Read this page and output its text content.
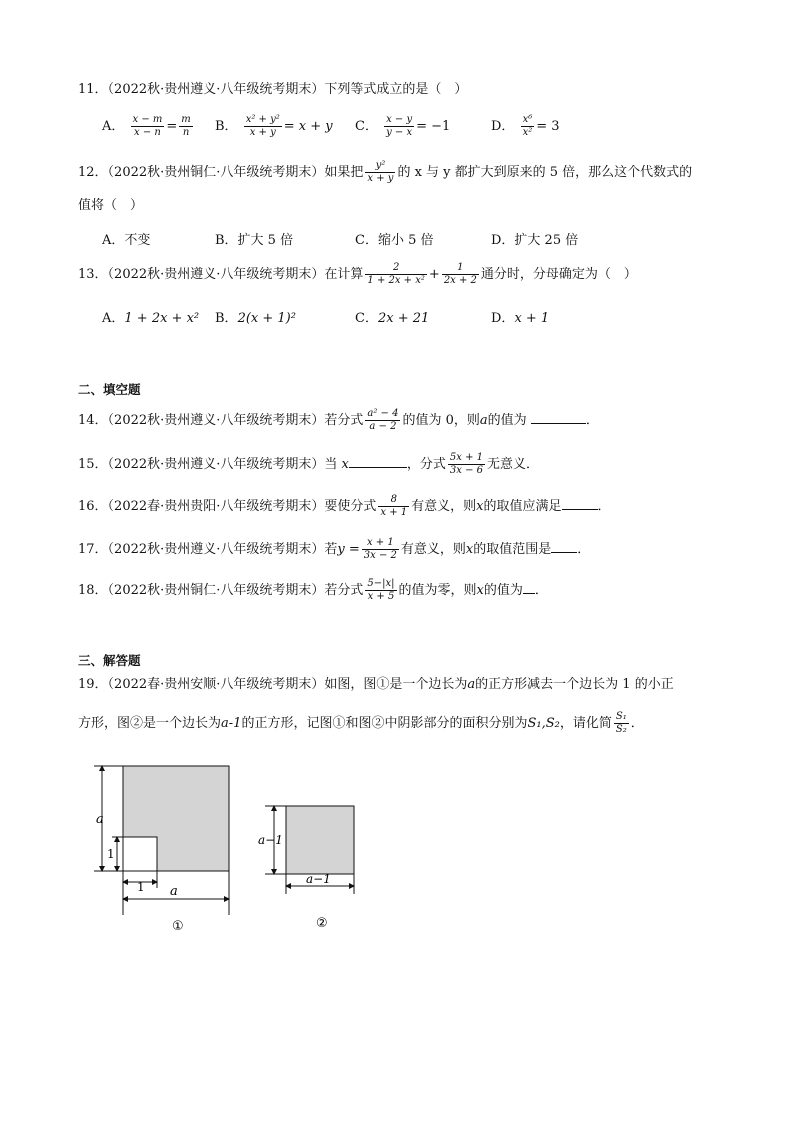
11．（2022秋·贵州遵义·八年级统考期末）下列等式成立的是（　）
A． $\frac{x - m}{x - n} = \frac{m}{n}$ B． $\frac{\text{x² + y²}}{x + y} = x + y$ C． $\frac{x - y}{y - x} = -1$	D． $\frac{\text{x⁶}}{\text{x²}} = 3$
12．（2022秋·贵州铜仁·八年级统考期末）如果把 $\frac{\text{y²}}{x + y}$ 的 x 与 y 都扩大到原来的 5 倍，那么这个代数式的
值将（　）
A．不变	B．扩大 5 倍	C．缩小 5 倍	D．扩大 25 倍
13．（2022秋·贵州遵义·八年级统考期末）在计算 $\frac{2}{\text{1 + 2x + x²}} + \frac{1}{2x + 2}$ 通分时，分母确定为（　）
A．1 + 2x + x² B．2(x + 1)²	C．2x + 21	D．x + 1
二、填空题
14．（2022秋·贵州遵义·八年级统考期末）若分式 $\frac{\text{a² − 4}}{a - 2}$ 的值为 0，则a的值为	．
15．（2022秋·贵州遵义·八年级统考期末）当 x	，分式 $\frac{5x + 1}{3x - 6}$ 无意义．
16．（2022春·贵州贵阳·八年级统考期末）要使分式 $\frac{8}{x + 1}$ 有意义，则x的取值应满足	．
17．（2022秋·贵州遵义·八年级统考期末）若$y = \frac{x + 1}{3x - 2}$ 有意义，则x的取值范围是 ．
18．（2022秋·贵州铜仁·八年级统考期末）若分式 $\frac{5-|x|}{x + 5}$ 的值为零，则x的值为 ．
三、解答题
19．（2022春·贵州安顺·八年级统考期末）如图，图①是一个边长为a的正方形减去一个边长为 1 的小正
方形，图②是一个边长为a-1的正方形，记图①和图②中阴影部分的面积分别为S₁,S₂，请化简 $\frac{\text{S₁}}{\text{S₂}}$ ．
a
1
1 a
①
a−1
a−1
②
